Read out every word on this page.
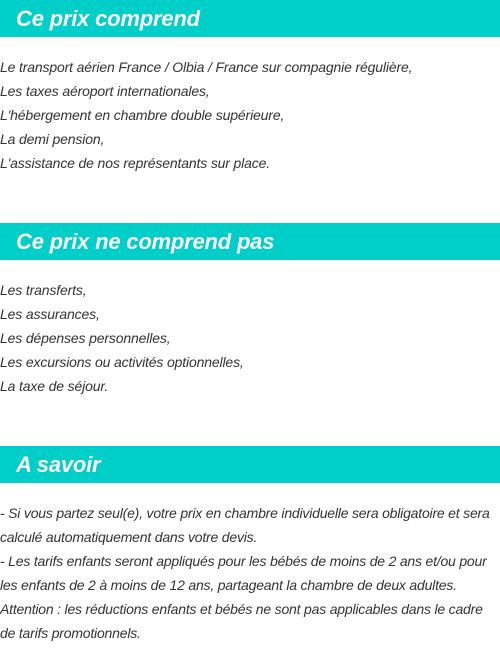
Ce prix comprend
Le transport aérien France / Olbia / France sur compagnie régulière,
Les taxes aéroport internationales,
L'hébergement en chambre double supérieure,
La demi pension,
L'assistance de nos représentants sur place.
Ce prix ne comprend pas
Les transferts,
Les assurances,
Les dépenses personnelles,
Les excursions ou activités optionnelles,
La taxe de séjour.
A savoir
- Si vous partez seul(e), votre prix en chambre individuelle sera obligatoire et sera calculé automatiquement dans votre devis.
- Les tarifs enfants seront appliqués pour les bébés de moins de 2 ans et/ou pour les enfants de 2 à moins de 12 ans, partageant la chambre de deux adultes.
Attention : les réductions enfants et bébés ne sont pas applicables dans le cadre de tarifs promotionnels.
